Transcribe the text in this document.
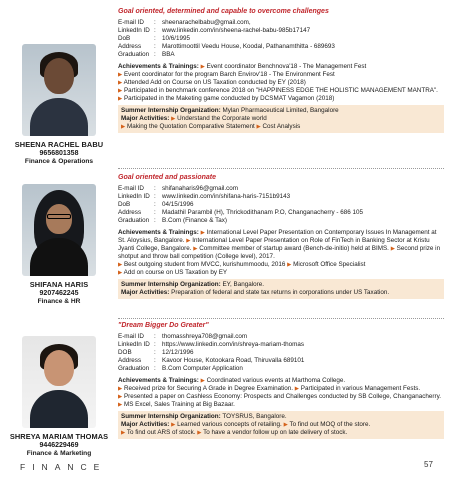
SHEENA RACHEL BABU
9656801358
Finance & Operations
Goal oriented, determined and capable to overcome challenges
E-mail ID	: sheenarachelbabu@gmail.com,
LinkedIn ID : www.linkedin.com/in/sheena-rachel-babu-985b17147
DoB	: 10/6/1995
Address	: Marottimoottil Veedu House, Koodal, Pathanamthitta - 689693
Graduation : BBA
Achievements & Trainings: ▶ Event coordinator Benchnova'18 - The Management Fest
▶ Event coordinator for the program Barch Envirov'18 - The Environment Fest
▶ Attended Add on Course on US Taxation conducted by EY (2018)
▶ Participated in benchmark conference 2018 on "HAPPINESS EDGE THE HOLISTIC MANAGEMENT MANTRA".
▶ Participated in the Maketing game conducted by DCSMAT Vagamon (2018)
Summer Internship Organization: Mylan Pharmaceutical Limited, Bangalore
Major Activities: ▶ Understand the Corporate world
▶ Making the Quotation Comparative Statement ▶ Cost Analysis
SHIFANA HARIS
9207462245
Finance & HR
Goal oriented and passionate
E-mail ID	: shifanaharis96@gmail.com
LinkedIn ID : www.linkedin.com/in/shifana-haris-7151b9143
DoB	: 04/15/1996
Address	: Madathil Parambil (H), Thrickodithanam P.O, Changanacherry - 686 105
Graduation : B.Com (Finance & Tax)
Achievements & Trainings: ▶ International Level Paper Presentation on Contemporary Issues In Management at St. Aloysius, Bangalore. ▶ International Level Paper Presentation on Role of FinTech in Banking Sector at Kristu Jyanti College, Bangalore. ▶ Committee member of startup award (Bench-de-initio) held at BIMS. ▶ Second prize in shotput and throw ball competition (College level), 2017.
▶ Best outgoing student from MVCC, kurishummoodu, 2016 ▶ Microsoft Office Specialist
▶ Add on course on US Taxation by EY
Summer Internship Organization: EY, Bangalore.
Major Activities: Preparation of federal and state tax returns in corporations under US Taxation.
SHREYA MARIAM THOMAS
9446229469
Finance & Marketing
"Dream Bigger Do Greater"
E-mail ID	: thomasshreya708@gmail.com
LinkedIn ID : https://www.linkedin.com/in/shreya-mariam-thomas
DOB	: 12/12/1996
Address	: Kavoor House, Kotookara Road, Thiruvalla 689101
Graduation : B.Com Computer Application
Achievements & Trainings: ▶ Coordinated various events at Marthoma College.
▶ Received prize for Securing A Grade in Degree Examination. ▶ Participated in various Management Fests.
▶ Presented a paper on Cashless Economy: Prospects and Challenges conducted by SB College, Changanacherry. ▶ MS Excel, Sales Training at Big Bazaar.
Summer Internship Organization: TOYSRUS, Bangalore.
Major Activities: ▶ Learned various concepts of retailing. ▶ To find out MOQ of the store.
▶ To find out ARS of stock. ▶ To have a vendor follow up on late delivery of stock.
FINANCE	57
